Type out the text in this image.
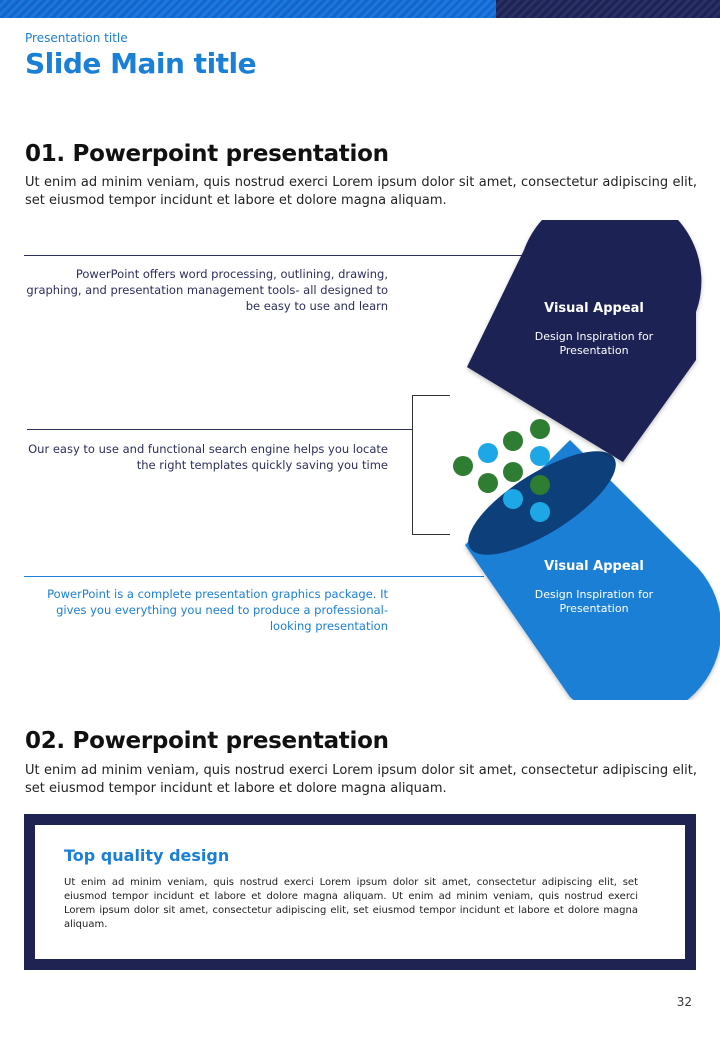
Presentation title
Slide Main title
01. Powerpoint presentation
Ut enim ad minim veniam, quis nostrud exerci Lorem ipsum dolor sit amet, consectetur adipiscing elit, set eiusmod tempor incidunt et labore et dolore magna aliquam.
PowerPoint offers word processing, outlining, drawing, graphing, and presentation management tools- all designed to be easy to use and learn
Our easy to use and functional search engine helps you locate the right templates quickly saving you time
PowerPoint is a complete presentation graphics package. It gives you everything you need to produce a professional-looking presentation
Visual Appeal
Design Inspiration for Presentation
Visual Appeal
Design Inspiration for Presentation
02. Powerpoint presentation
Ut enim ad minim veniam, quis nostrud exerci Lorem ipsum dolor sit amet, consectetur adipiscing elit, set eiusmod tempor incidunt et labore et dolore magna aliquam.
Top quality design
Ut enim ad minim veniam, quis nostrud exerci Lorem ipsum dolor sit amet, consectetur adipiscing elit, set eiusmod tempor incidunt et labore et dolore magna aliquam. Ut enim ad minim veniam, quis nostrud exerci Lorem ipsum dolor sit amet, consectetur adipiscing elit, set eiusmod tempor incidunt et labore et dolore magna aliquam.
32
